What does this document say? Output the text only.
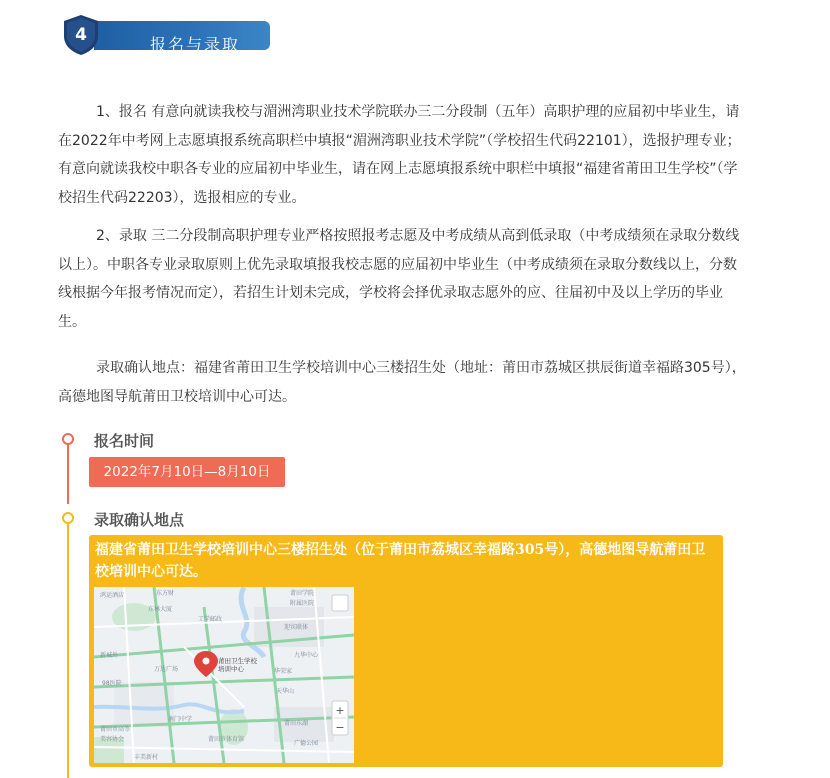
报名与录取
4

1、报名 有意向就读我校与湄洲湾职业技术学院联办三二分段制（五年）高职护理的应届初中毕业生，请在2022年中考网上志愿填报系统高职栏中填报“湄洲湾职业技术学院”（学校招生代码22101），选报护理专业；有意向就读我校中职各专业的应届初中毕业生，请在网上志愿填报系统中职栏中填报“福建省莆田卫生学校”（学校招生代码22203），选报相应的专业。

2、录取 三二分段制高职护理专业严格按照报考志愿及中考成绩从高到低录取（中考成绩须在录取分数线以上）。中职各专业录取原则上优先录取填报我校志愿的应届初中毕业生（中考成绩须在录取分数线以上，分数线根据今年报考情况而定），若招生计划未完成，学校将会择优录取志愿外的应、往届初中及以上学历的毕业生。

录取确认地点：福建省莆田卫生学校培训中心三楼招生处（地址：莆田市荔城区拱辰街道幸福路305号），高德地图导航莆田卫校培训中心可达。

报名时间
2022年7月10日—8月10日
录取确认地点

福建省莆田卫生学校培训中心三楼招生处（位于莆田市荔城区幸福路305号），高德地图导航莆田卫校培训中心可达。

鸿运酒店	东方财
东林大厦
莆田学院
附属医院
工学邮政
迎宾联体
新城外
华荣家
万达广场
九华中心
98医院
天华山
南门中学
莆田市体育馆
莆田东湖
莆田市高等
美容协会
丰美新村
广德公园
莆田卫生学校
培训中心
+
−
